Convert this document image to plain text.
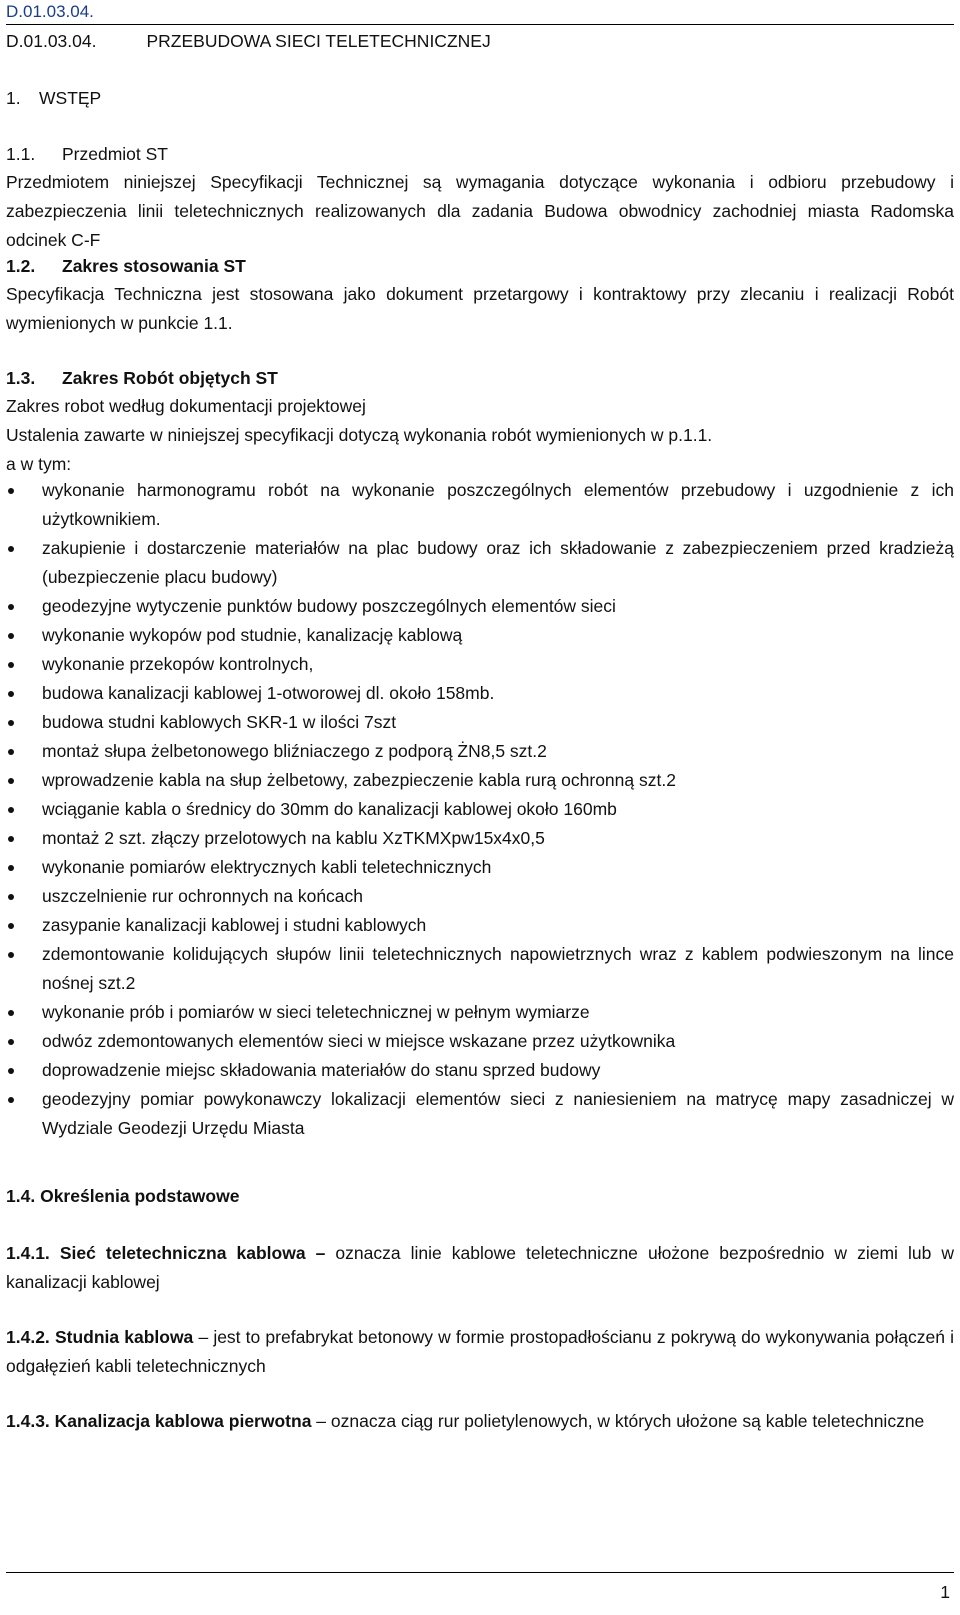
D.01.03.04.
D.01.03.04.	PRZEBUDOWA SIECI TELETECHNICZNEJ
1. WSTĘP
1.1. Przedmiot ST

Przedmiotem niniejszej Specyfikacji Technicznej są wymagania dotyczące wykonania i odbioru przebudowy i zabezpieczenia linii teletechnicznych realizowanych dla zadania Budowa obwodnicy zachodniej miasta Radomska odcinek C-F

1.2. Zakres stosowania ST

Specyfikacja Techniczna jest stosowana jako dokument przetargowy i kontraktowy przy zlecaniu i realizacji Robót wymienionych w punkcie 1.1.

1.3. Zakres Robót objętych ST
Zakres robot według dokumentacji projektowej
Ustalenia zawarte w niniejszej specyfikacji dotyczą wykonania robót wymienionych w p.1.1.
a w tym:
wykonanie harmonogramu robót na wykonanie poszczególnych elementów przebudowy i uzgodnienie z ich użytkownikiem.
zakupienie i dostarczenie materiałów na plac budowy oraz ich składowanie z zabezpieczeniem przed kradzieżą (ubezpieczenie placu budowy)
geodezyjne wytyczenie punktów budowy poszczególnych elementów sieci
wykonanie wykopów pod studnie, kanalizację kablową
wykonanie przekopów kontrolnych,
budowa kanalizacji kablowej 1-otworowej dl. około 158mb.
budowa studni kablowych SKR-1 w ilości 7szt
montaż słupa żelbetonowego bliźniaczego z podporą ŻN8,5 szt.2
wprowadzenie kabla na słup żelbetowy, zabezpieczenie kabla rurą ochronną szt.2
wciąganie kabla o średnicy do 30mm do kanalizacji kablowej około 160mb
montaż 2 szt. złączy przelotowych na kablu XzTKMXpw15x4x0,5
wykonanie pomiarów elektrycznych kabli teletechnicznych
uszczelnienie rur ochronnych na końcach
zasypanie kanalizacji kablowej i studni kablowych
zdemontowanie kolidujących słupów linii teletechnicznych napowietrznych wraz z kablem podwieszonym na lince nośnej szt.2
wykonanie prób i pomiarów w sieci teletechnicznej w pełnym wymiarze
odwóz zdemontowanych elementów sieci w miejsce wskazane przez użytkownika
doprowadzenie miejsc składowania materiałów do stanu sprzed budowy
geodezyjny pomiar powykonawczy lokalizacji elementów sieci z naniesieniem na matrycę mapy zasadniczej w Wydziale Geodezji Urzędu Miasta
1.4. Określenia podstawowe

1.4.1. Sieć teletechniczna kablowa – oznacza linie kablowe teletechniczne ułożone bezpośrednio w ziemi lub w kanalizacji kablowej

1.4.2. Studnia kablowa – jest to prefabrykat betonowy w formie prostopadłościanu z pokrywą do wykonywania połączeń i odgałęzień kabli teletechnicznych

1.4.3. Kanalizacja kablowa pierwotna – oznacza ciąg rur polietylenowych, w których ułożone są kable teletechniczne

1
